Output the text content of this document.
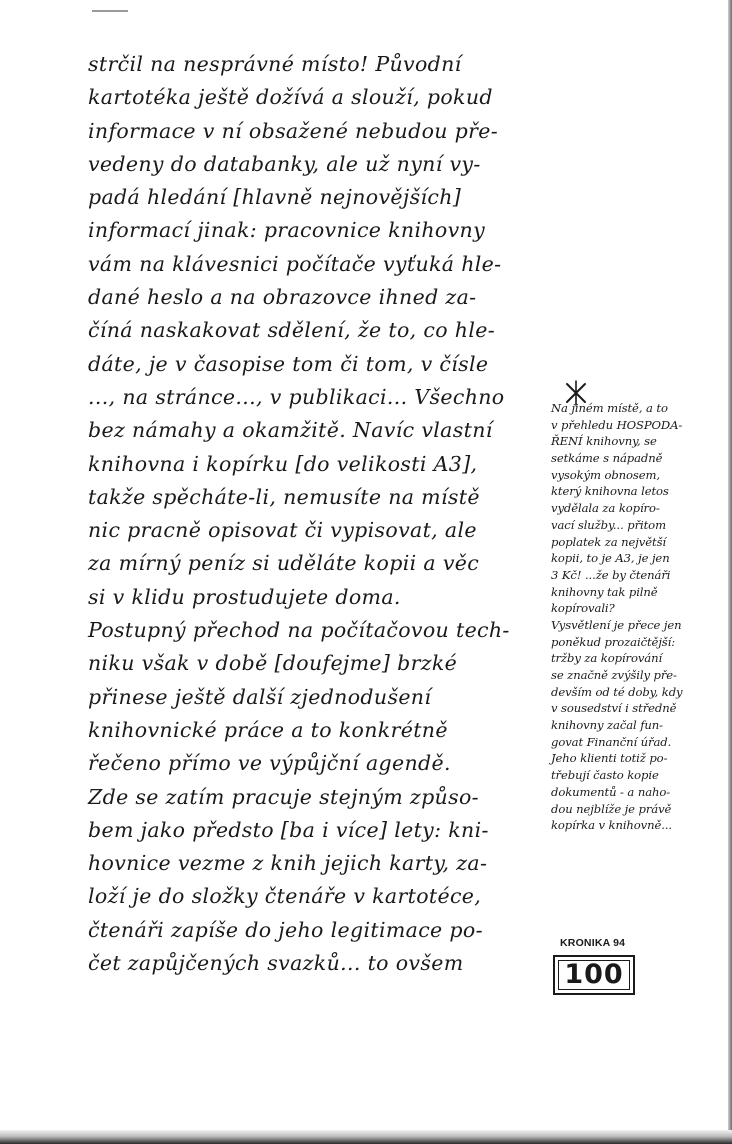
strčil na nesprávné místo! Původní
kartotéka ještě dožívá a slouží, pokud
informace v ní obsažené nebudou pře-
vedeny do databanky, ale už nyní vy-
padá hledání [hlavně nejnovějších]
informací jinak: pracovnice knihovny
vám na klávesnici počítače vyťuká hle-
dané heslo a na obrazovce ihned za-
číná naskakovat sdělení, že to, co hle-
dáte, je v časopise tom či tom, v čísle
..., na stránce..., v publikaci... Všechno
bez námahy a okamžitě. Navíc vlastní
knihovna i kopírku [do velikosti A3],
takže spěcháte-li, nemusíte na místě
nic pracně opisovat či vypisovat, ale
za mírný peníz si uděláte kopii a věc
si v klidu prostudujete doma.
Postupný přechod na počítačovou tech-
niku však v době [doufejme] brzké
přinese ještě další zjednodušení
knihovnické práce a to konkrétně
řečeno přímo ve výpůjční agendě.
Zde se zatím pracuje stejným způso-
bem jako předsto [ba i více] lety: kni-
hovnice vezme z knih jejich karty, za-
loží je do složky čtenáře v kartotéce,
čtenáři zapíše do jeho legitimace po-
čet zapůjčených svazků... to ovšem
Na jiném místě, a to
v přehledu HOSPODA-
ŘENÍ knihovny, se
setkáme s nápadně
vysokým obnosem,
který knihovna letos
vydělala za kopíro-
vací služby... přitom
poplatek za největší
kopii, to je A3, je jen
3 Kč! ...že by čtenáři
knihovny tak pilně
kopírovali?
Vysvětlení je přece jen
poněkud prozaičtější:
tržby za kopírování
se značně zvýšily pře-
devším od té doby, kdy
v sousedství i středně
knihovny začal fun-
govat Finanční úřad.
Jeho klienti totiž po-
třebují často kopie
dokumentů - a naho-
dou nejblíže je právě
kopírka v knihovně...
KRONIKA 94
100
